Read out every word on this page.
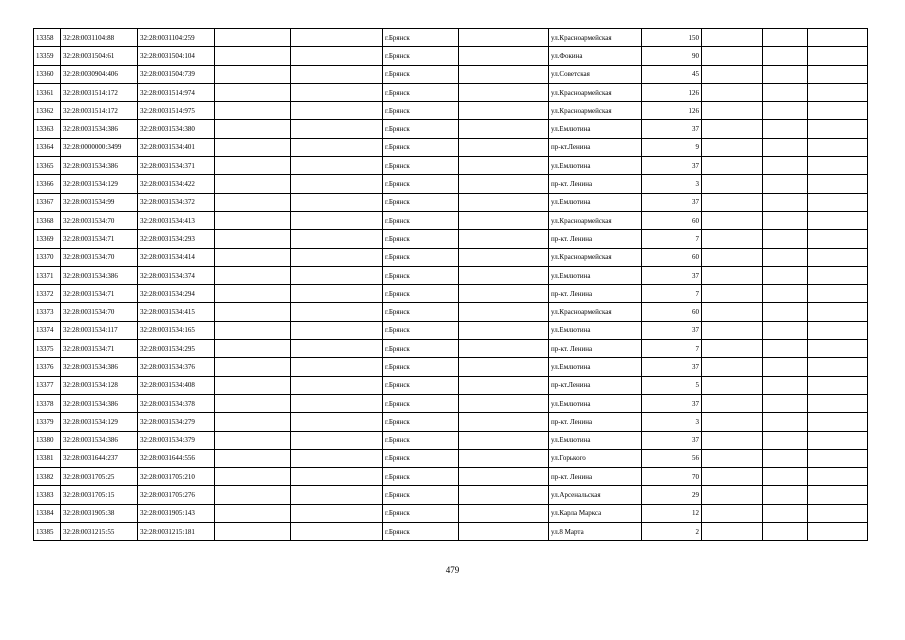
13358	32:28:0031104:88	32:28:0031104:259			г.Брянск		ул.Красноармейская	150			
13359	32:28:0031504:61	32:28:0031504:104			г.Брянск		ул.Фокина	90			
13360	32:28:0030904:406	32:28:0031504:739			г.Брянск		ул.Советская	45			
13361	32:28:0031514:172	32:28:0031514:974			г.Брянск		ул.Красноармейская	126			
13362	32:28:0031514:172	32:28:0031514:975			г.Брянск		ул.Красноармейская	126			
13363	32:28:0031534:386	32:28:0031534:380			г.Брянск		ул.Емлютина	37			
13364	32:28:0000000:3499	32:28:0031534:401			г.Брянск		пр-кт.Ленина	9			
13365	32:28:0031534:386	32:28:0031534:371			г.Брянск		ул.Емлютина	37			
13366	32:28:0031534:129	32:28:0031534:422			г.Брянск		пр-кт. Ленина	3			
13367	32:28:0031534:99	32:28:0031534:372			г.Брянск		ул.Емлютина	37			
13368	32:28:0031534:70	32:28:0031534:413			г.Брянск		ул.Красноармейская	60			
13369	32:28:0031534:71	32:28:0031534:293			г.Брянск		пр-кт. Ленина	7			
13370	32:28:0031534:70	32:28:0031534:414			г.Брянск		ул.Красноармейская	60			
13371	32:28:0031534:386	32:28:0031534:374			г.Брянск		ул.Емлютина	37			
13372	32:28:0031534:71	32:28:0031534:294			г.Брянск		пр-кт. Ленина	7			
13373	32:28:0031534:70	32:28:0031534:415			г.Брянск		ул.Красноармейская	60			
13374	32:28:0031534:117	32:28:0031534:165			г.Брянск		ул.Емлютина	37			
13375	32:28:0031534:71	32:28:0031534:295			г.Брянск		пр-кт. Ленина	7			
13376	32:28:0031534:386	32:28:0031534:376			г.Брянск		ул.Емлютина	37			
13377	32:28:0031534:128	32:28:0031534:408			г.Брянск		пр-кт.Ленина	5			
13378	32:28:0031534:386	32:28:0031534:378			г.Брянск		ул.Емлютина	37			
13379	32:28:0031534:129	32:28:0031534:279			г.Брянск		пр-кт. Ленина	3			
13380	32:28:0031534:386	32:28:0031534:379			г.Брянск		ул.Емлютина	37			
13381	32:28:0031644:237	32:28:0031644:556			г.Брянск		ул.Горького	56			
13382	32:28:0031705:25	32:28:0031705:210			г.Брянск		пр-кт. Ленина	70			
13383	32:28:0031705:15	32:28:0031705:276			г.Брянск		ул.Арсенальская	29			
13384	32:28:0031905:38	32:28:0031905:143			г.Брянск		ул.Карла Маркса	12			
13385	32:28:0031215:55	32:28:0031215:181			г.Брянск		ул.8 Марта	2			
479
